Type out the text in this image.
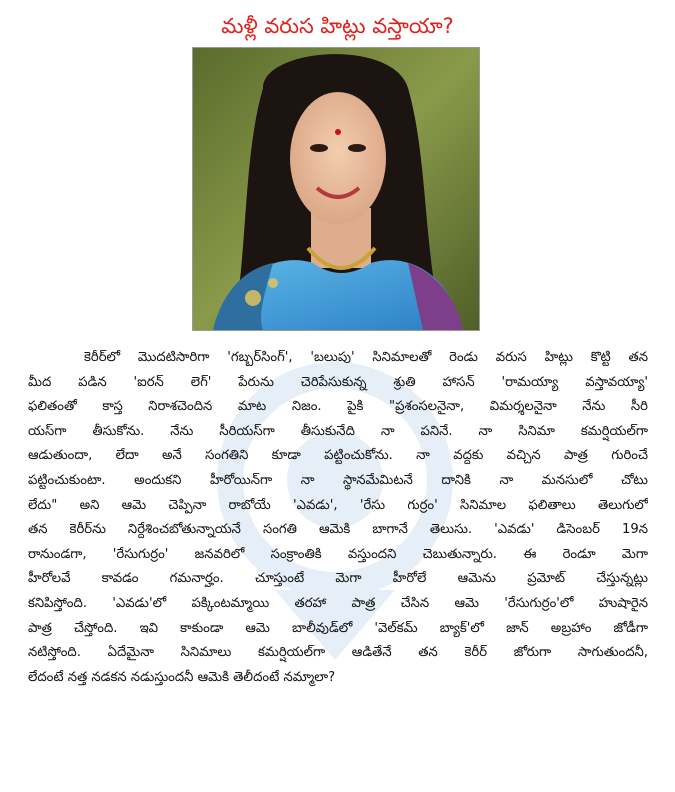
మళ్లీ వరుస హిట్లు వస్తాయా?
కెరీర్‌లో మొదటిసారిగా 'గబ్బర్‌సింగ్', 'బలుపు' సినిమాలతో రెండు వరుస హిట్లు కొట్టి తన
మీద పడిన 'ఐరన్ లెగ్' పేరును చెరిపేసుకున్న శ్రుతి హాసన్ 'రామయ్యా వస్తావయ్యా'
ఫలితంతో కాస్త నిరాశచెందిన మాట నిజం. పైకి "ప్రశంసలనైనా, విమర్శలనైనా నేను సీరి
యస్‌గా తీసుకోను. నేను సీరియస్‌గా తీసుకునేది నా పనినే. నా సినిమా కమర్షియల్‌గా
ఆడుతుందా, లేదా అనే సంగతిని కూడా పట్టించుకోను. నా వద్దకు వచ్చిన పాత్ర గురించే
పట్టించుకుంటా. అందుకని హీరోయిన్‌గా నా స్థానమేమిటనే దానికి నా మనసులో చోటు
లేదు" అని ఆమె చెప్పినా రాబోయే 'ఎవడు', 'రేసు గుర్రం' సినిమాల ఫలితాలు తెలుగులో
తన కెరీర్‌ను నిర్దేశించబోతున్నాయనే సంగతి ఆమెకి బాగానే తెలుసు. 'ఎవడు' డిసెంబర్ 19న
రానుండగా, 'రేసుగుర్రం' జనవరిలో సంక్రాంతికి వస్తుందని చెబుతున్నారు. ఈ రెండూ మెగా
హీరోలవే కావడం గమనార్హం. చూస్తుంటే మెగా హీరోలే ఆమెను ప్రమోట్ చేస్తున్నట్లు
కనిపిస్తోంది. 'ఎవడు'లో పక్కింటమ్మాయి తరహా పాత్ర చేసిన ఆమె 'రేసుగుర్రం'లో హుషారైన
పాత్ర చేస్తోంది. ఇవి కాకుండా ఆమె బాలీవుడ్‌లో 'వెల్‌కమ్ బ్యాక్'లో జాన్ అబ్రహాం జోడీగా
నటిస్తోంది. ఏదేమైనా సినిమాలు కమర్షియల్‌గా ఆడితేనే తన కెరీర్ జోరుగా సాగుతుందనీ,
లేదంటే నత్త నడకన నడుస్తుందనీ ఆమెకి తెలీదంటే నమ్మాలా?
